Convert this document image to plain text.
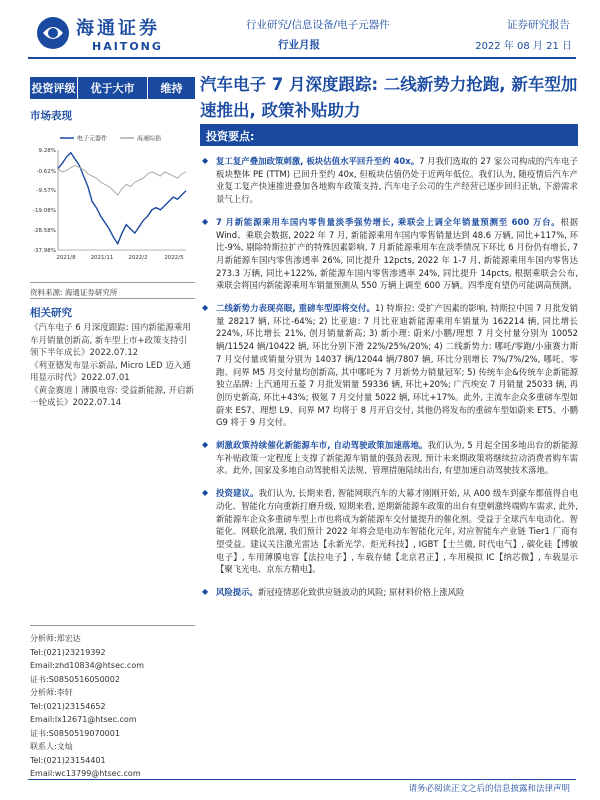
海通证券
HAITONG
行业研究/信息设备/电子元器件
行业月报
证券研究报告
2022 年 08 月 21 日
投资评级	优于大市	维持	汽车电子 7 月深度跟踪: 二线新势力抢跑, 新车型加速推出, 政策补贴助力
市场表现
电子元器件	海通综指
9.28%
-0.62%
-9.57%
-19.08%
-28.58%
-37.98%
2021/8	2021/11	2022/2	2022/5
资料来源: 海通证券研究所
相关研究

《汽车电子 6 月深度跟踪: 国内新能源乘用车月销量创新高, 新车型上市+政策支持引领下半年成长》2022.07.12

《利亚德发布显示新品, Micro LED 迈入通用显示时代》2022.07.01

《黄金赛道丨薄膜电容: 受益新能源, 开启新一轮成长》2022.07.14

分析师:郑宏达
Tel:(021)23219392
Email:zhd10834@htsec.com
证书:S0850516050002
分析师:李轩
Tel:(021)23154652
Email:lx12671@htsec.com
证书:S0850519070001
联系人:文灿
Tel:(021)23154401
Email:wc13799@htsec.com
投资要点:
◆ 复工复产叠加政策刺激, 板块估值水平回升至约 40x。7 月我们选取的 27 家公司构成的汽车电子板块整体 PE (TTM) 已回升至约 40x, 但板块估值仍处于近两年低位。我们认为, 随疫情后汽车产业复工复产快速推进叠加各地购车政策支持, 汽车电子公司的生产经营已逐步回归正轨, 下游需求景气上行。
◆ 7 月新能源乘用车国内零售量淡季强势增长, 乘联会上调全年销量预测至 600 万台。根据 Wind、乘联会数据, 2022 年 7 月, 新能源乘用车国内零售销量达到 48.6 万辆, 同比+117%, 环比-9%, 剔除特斯拉扩产的特殊因素影响, 7 月新能源乘用车在淡季情况下环比 6 月份仍有增长, 7 月新能源车国内零售渗透率 26%, 同比提升 12pcts, 2022 年 1-7 月, 新能源乘用车国内零售达 273.3 万辆, 同比+122%, 新能源车国内零售渗透率 24%, 同比提升 14pcts, 根据乘联会公布, 乘联会将国内新能源乘用车销量预测从 550 万辆上调至 600 万辆。四季度有望仍可能调高预测。
◆ 二线新势力表现亮眼, 重磅车型即将交付。1) 特斯拉: 受扩产因素的影响, 特斯拉中国 7 月批发销量 28217 辆, 环比-64%; 2) 比亚迪: 7 月比亚迪新能源乘用车销量为 162214 辆, 同比增长 224%, 环比增长 21%, 创月销量新高; 3) 新小理: 蔚来/小鹏/理想 7 月交付量分别为 10052 辆/11524 辆/10422 辆, 环比分别下滑 22%/25%/20%; 4) 二线新势力: 哪吒/零跑/小康赛力斯 7 月交付量或销量分别为 14037 辆/12044 辆/7807 辆, 环比分别增长 7%/7%/2%, 哪吒、零跑、问界 M5 月交付量均创新高, 其中哪吒为 7 月新势力销量冠军; 5) 传统车企&传统车企新能源独立品牌: 上汽通用五菱 7 月批发销量 59336 辆, 环比+20%; 广汽埃安 7 月销量 25033 辆, 再创历史新高, 环比+43%; 极氪 7 月交付量 5022 辆, 环比+17%。此外, 主流车企众多重磅车型如蔚来 ES7、理想 L9、问界 M7 均将于 8 月开启交付, 其他仍将发布的重磅车型如蔚来 ET5、小鹏 G9 将于 9 月交付。
◆ 刺激政策持续催化新能源车市, 自动驾驶政策加速落地。我们认为, 5 月起全国多地出台的新能源车补贴政策一定程度上支撑了新能源车销量的强劲表现, 预计未来期政策将继续拉动消费者购车需求。此外, 国家及多地自动驾驶相关法规、管理措施陆续出台, 有望加速自动驾驶技术落地。
◆ 投资建议。我们认为, 长期来看, 智能网联汽车的大幕才刚刚开始, 从 A00 级车到豪车都值得自电动化、智能化方向重新打磨升级, 短期来看, 逆期新能源车政策的出台有望刺激终端购车需求, 此外, 新能源车企众多重磅车型上市也将成为新能源车交付量提升的催化剂。受益于全球汽车电动化、智能化、网联化浪潮, 我们预计 2022 年将会是电动车智能化元年, 对应智能车产业链 Tier1 厂商有望受益。建议关注激光雷达【永新光学、炬光科技】, IGBT【士兰微, 时代电气】, 碳化硅【博敏电子】, 车用薄膜电容【法拉电子】, 车载存储【北京君正】, 车用模拟 IC【纳芯微】, 车载显示【聚飞光电、京东方精电】。
◆ 风险提示。新冠疫情恶化致供应链波动的风险; 原材料价格上涨风险
请务必阅读正文之后的信息披露和法律声明
